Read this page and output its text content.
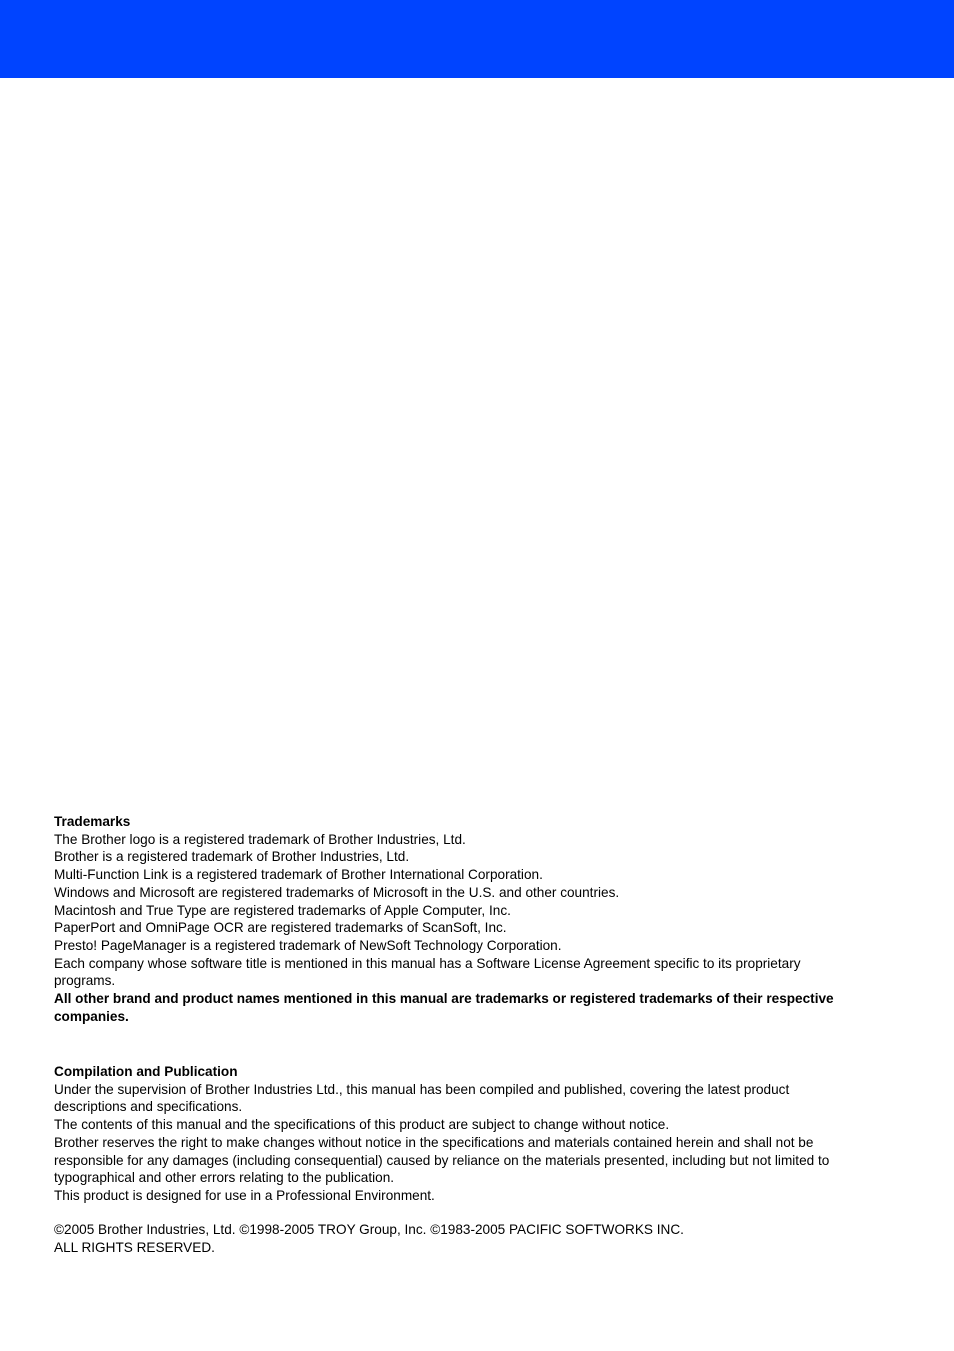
Trademarks
The Brother logo is a registered trademark of Brother Industries, Ltd.
Brother is a registered trademark of Brother Industries, Ltd.
Multi-Function Link is a registered trademark of Brother International Corporation.
Windows and Microsoft are registered trademarks of Microsoft in the U.S. and other countries.
Macintosh and True Type are registered trademarks of Apple Computer, Inc.
PaperPort and OmniPage OCR are registered trademarks of ScanSoft, Inc.
Presto! PageManager is a registered trademark of NewSoft Technology Corporation.
Each company whose software title is mentioned in this manual has a Software License Agreement specific to its proprietary programs.
All other brand and product names mentioned in this manual are trademarks or registered trademarks of their respective companies.
Compilation and Publication
Under the supervision of Brother Industries Ltd., this manual has been compiled and published, covering the latest product descriptions and specifications.
The contents of this manual and the specifications of this product are subject to change without notice.
Brother reserves the right to make changes without notice in the specifications and materials contained herein and shall not be responsible for any damages (including consequential) caused by reliance on the materials presented, including but not limited to typographical and other errors relating to the publication.
This product is designed for use in a Professional Environment.
©2005 Brother Industries, Ltd. ©1998-2005 TROY Group, Inc. ©1983-2005 PACIFIC SOFTWORKS INC.
ALL RIGHTS RESERVED.
